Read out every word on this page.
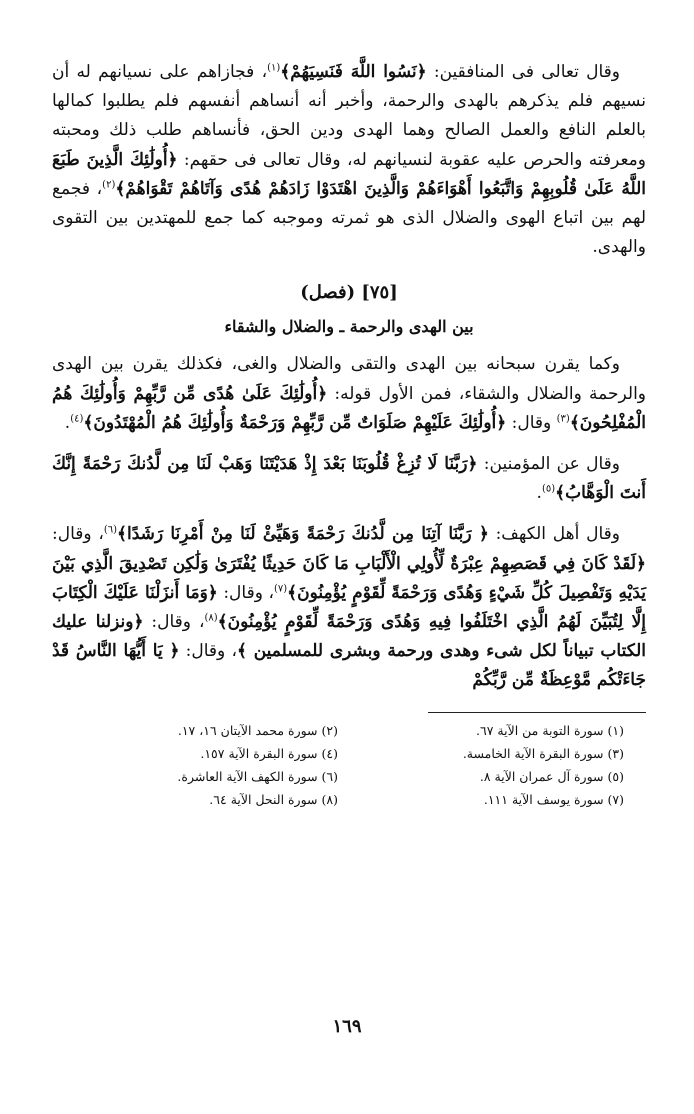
وقال تعالى فى المنافقين: ﴿نَسُوا اللَّهَ فَنَسِيَهُمْ﴾$^{(١)}$، فجازاهم على نسيانهم له أن نسيهم فلم يذكرهم بالهدى والرحمة، وأخبر أنه أنساهم أنفسهم فلم يطلبوا كمالها بالعلم النافع والعمل الصالح وهما الهدى ودين الحق، فأنساهم طلب ذلك ومحبته ومعرفته والحرص عليه عقوبة لنسيانهم له، وقال تعالى فى حقهم: ﴿أُولَٰئِكَ الَّذِينَ طَبَعَ اللَّهُ عَلَىٰ قُلُوبِهِمْ وَاتَّبَعُوا أَهْوَاءَهُمْ وَالَّذِينَ اهْتَدَوْا زَادَهُمْ هُدًى وَآتَاهُمْ تَقْوَاهُمْ﴾$^{(٢)}$، فجمع لهم بين اتباع الهوى والضلال الذى هو ثمرته وموجبه كما جمع للمهتدين بين التقوى والهدى.

[٧٥] (فصل)
بين الهدى والرحمة ـ والضلال والشقاء

وكما يقرن سبحانه بين الهدى والتقى والضلال والغى، فكذلك يقرن بين الهدى والرحمة والضلال والشقاء، فمن الأول قوله: ﴿أُولَٰئِكَ عَلَىٰ هُدًى مِّن رَّبِّهِمْ وَأُولَٰئِكَ هُمُ الْمُفْلِحُونَ﴾$^{(٣)}$ وقال: ﴿أُولَٰئِكَ عَلَيْهِمْ صَلَوَاتٌ مِّن رَّبِّهِمْ وَرَحْمَةٌ وَأُولَٰئِكَ هُمُ الْمُهْتَدُونَ﴾$^{(٤)}$.

وقال عن المؤمنين: ﴿رَبَّنَا لَا تُزِغْ قُلُوبَنَا بَعْدَ إِذْ هَدَيْتَنَا وَهَبْ لَنَا مِن لَّدُنكَ رَحْمَةً إِنَّكَ أَنتَ الْوَهَّابُ﴾$^{(٥)}$.

وقال أهل الكهف: ﴿ رَبَّنَا آتِنَا مِن لَّدُنكَ رَحْمَةً وَهَيِّئْ لَنَا مِنْ أَمْرِنَا رَشَدًا﴾$^{(٦)}$، وقال: ﴿لَقَدْ كَانَ فِي قَصَصِهِمْ عِبْرَةٌ لِّأُولِي الْأَلْبَابِ مَا كَانَ حَدِيثًا يُفْتَرَىٰ وَلَٰكِن تَصْدِيقَ الَّذِي بَيْنَ يَدَيْهِ وَتَفْصِيلَ كُلِّ شَيْءٍ وَهُدًى وَرَحْمَةً لِّقَوْمٍ يُؤْمِنُونَ﴾$^{(٧)}$، وقال: ﴿وَمَا أَنزَلْنَا عَلَيْكَ الْكِتَابَ إِلَّا لِتُبَيِّنَ لَهُمُ الَّذِي اخْتَلَفُوا فِيهِ وَهُدًى وَرَحْمَةً لِّقَوْمٍ يُؤْمِنُونَ﴾$^{(٨)}$، وقال: ﴿ونزلنا عليك الكتاب تبياناً لكل شىء وهدى ورحمة وبشرى للمسلمين ﴾، وقال: ﴿ يَا أَيُّهَا النَّاسُ قَدْ جَاءَتْكُم مَّوْعِظَةٌ مِّن رَّبِّكُمْ

(١) سورة التوبة من الآية ٦٧.
(٢) سورة محمد الآيتان ١٦، ١٧.
(٣) سورة البقرة الآية الخامسة.
(٤) سورة البقرة الآية ١٥٧.
(٥) سورة آل عمران الآية ٨.
(٦) سورة الكهف الآية العاشرة.
(٧) سورة يوسف الآية ١١١.
(٨) سورة النحل الآية ٦٤.
١٦٩
